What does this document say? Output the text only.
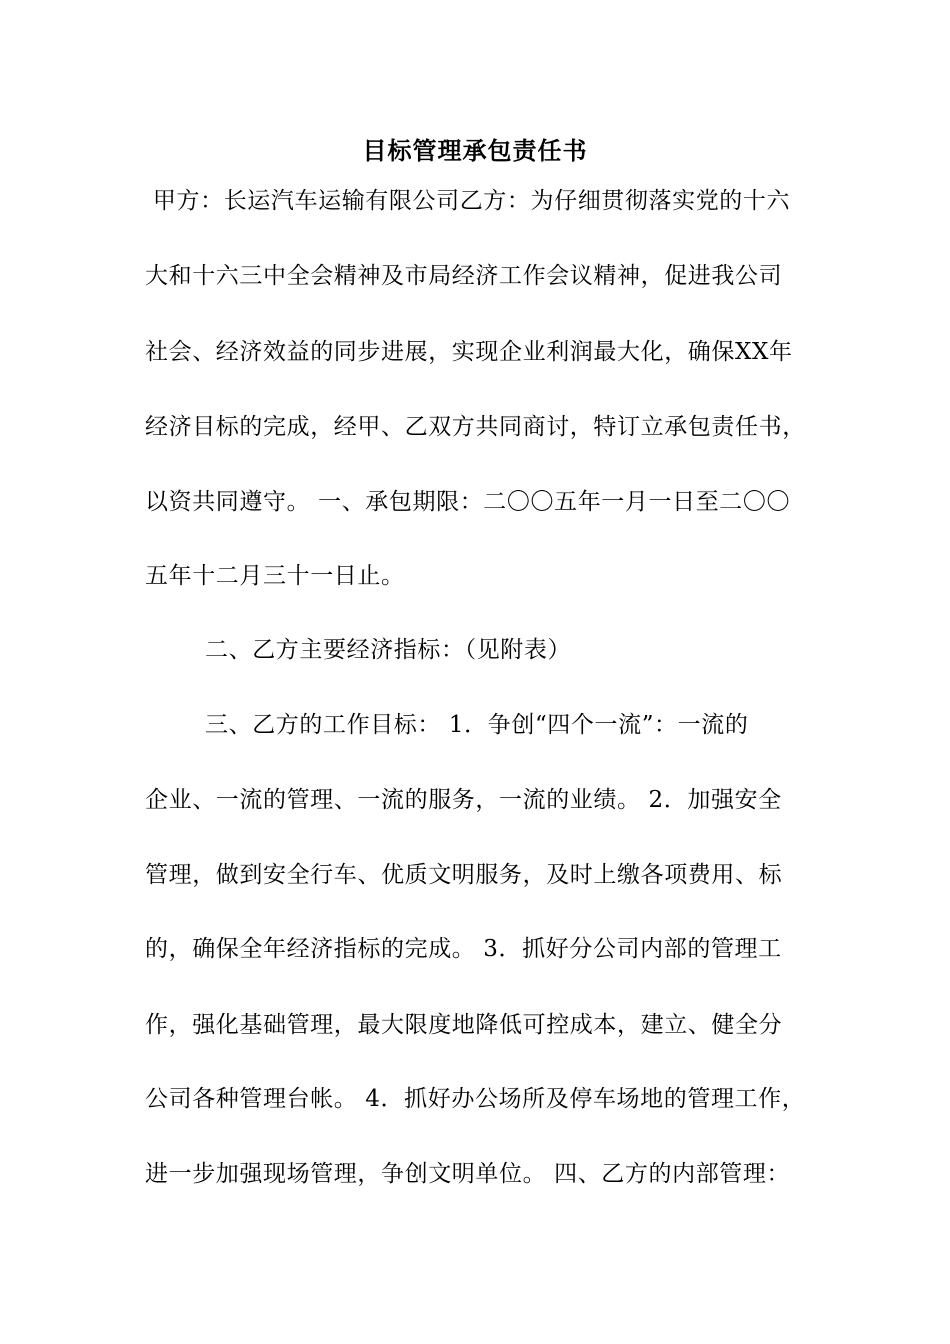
目标管理承包责任书
甲方：长运汽车运输有限公司乙方：为仔细贯彻落实党的十六
大和十六三中全会精神及市局经济工作会议精神，促进我公司
社会、经济效益的同步进展，实现企业利润最大化，确保XX年
经济目标的完成，经甲、乙双方共同商讨，特订立承包责任书，
以资共同遵守。 一、承包期限：二〇〇五年一月一日至二〇〇
五年十二月三十一日止。
二、乙方主要经济指标：（见附表）
三、乙方的工作目标： 1．争创“四个一流”：一流的
企业、一流的管理、一流的服务，一流的业绩。 2．加强安全
管理，做到安全行车、优质文明服务，及时上缴各项费用、标
的，确保全年经济指标的完成。 3．抓好分公司内部的管理工
作，强化基础管理，最大限度地降低可控成本，建立、健全分
公司各种管理台帐。 4．抓好办公场所及停车场地的管理工作，
进一步加强现场管理，争创文明单位。 四、乙方的内部管理：
